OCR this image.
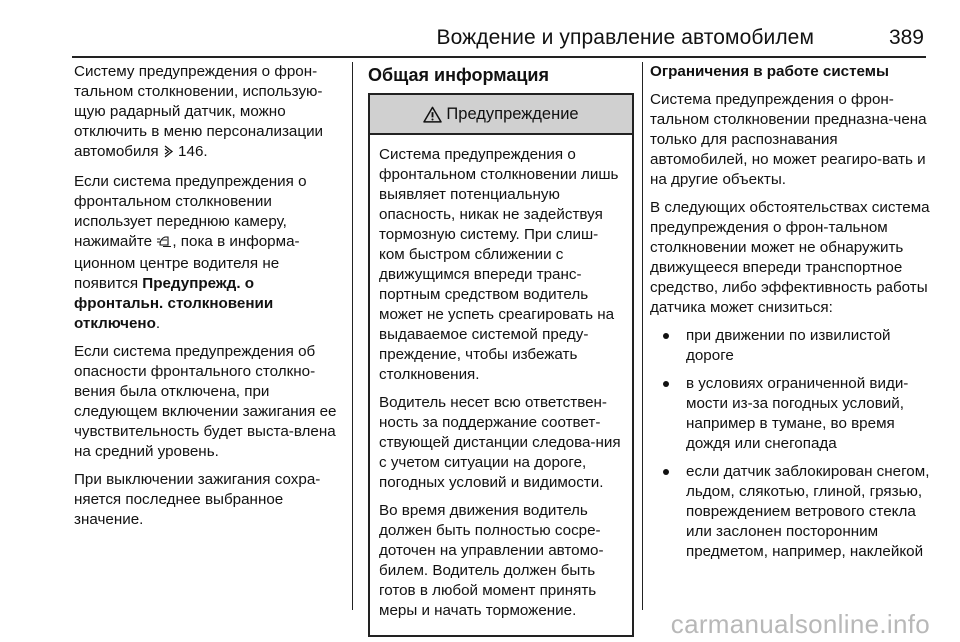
Вождение и управление автомобилем	389

Систему предупреждения о фрон-тальном столкновении, использую-щую радарный датчик, можно отключить в меню персонализации автомобиля 146.

Если система предупреждения о фронтальном столкновении использует переднюю камеру, нажимайте , пока в информа-ционном центре водителя не появится Предупрежд. о фронтальн. столкновении отключено.

Если система предупреждения об опасности фронтального столкно-вения была отключена, при следующем включении зажигания ее чувствительность будет выста-влена на средний уровень.

При выключении зажигания сохра-няется последнее выбранное значение.

Общая информация
Предупреждение

Система предупреждения о фронтальном столкновении лишь выявляет потенциальную опасность, никак не задействуя тормозную систему. При слиш-ком быстром сближении с движущимся впереди транс-портным средством водитель может не успеть среагировать на выдаваемое системой преду-преждение, чтобы избежать столкновения.

Водитель несет всю ответствен-ность за поддержание соответ-ствующей дистанции следова-ния с учетом ситуации на дороге, погодных условий и видимости.

Во время движения водитель должен быть полностью сосре-доточен на управлении автомо-билем. Водитель должен быть готов в любой момент принять меры и начать торможение.

Ограничения в работе системы

Система предупреждения о фрон-тальном столкновении предназна-чена только для распознавания автомобилей, но может реагиро-вать и на другие объекты.

В следующих обстоятельствах система предупреждения о фрон-тальном столкновении может не обнаружить движущееся впереди транспортное средство, либо эффективность работы датчика может снизиться:

при движении по извилистой дороге
в условиях ограниченной види-мости из-за погодных условий, например в тумане, во время дождя или снегопада
если датчик заблокирован снегом, льдом, слякотью, глиной, грязью, повреждением ветрового стекла или заслонен посторонним предметом, например, наклейкой
carmanualsonline.info
